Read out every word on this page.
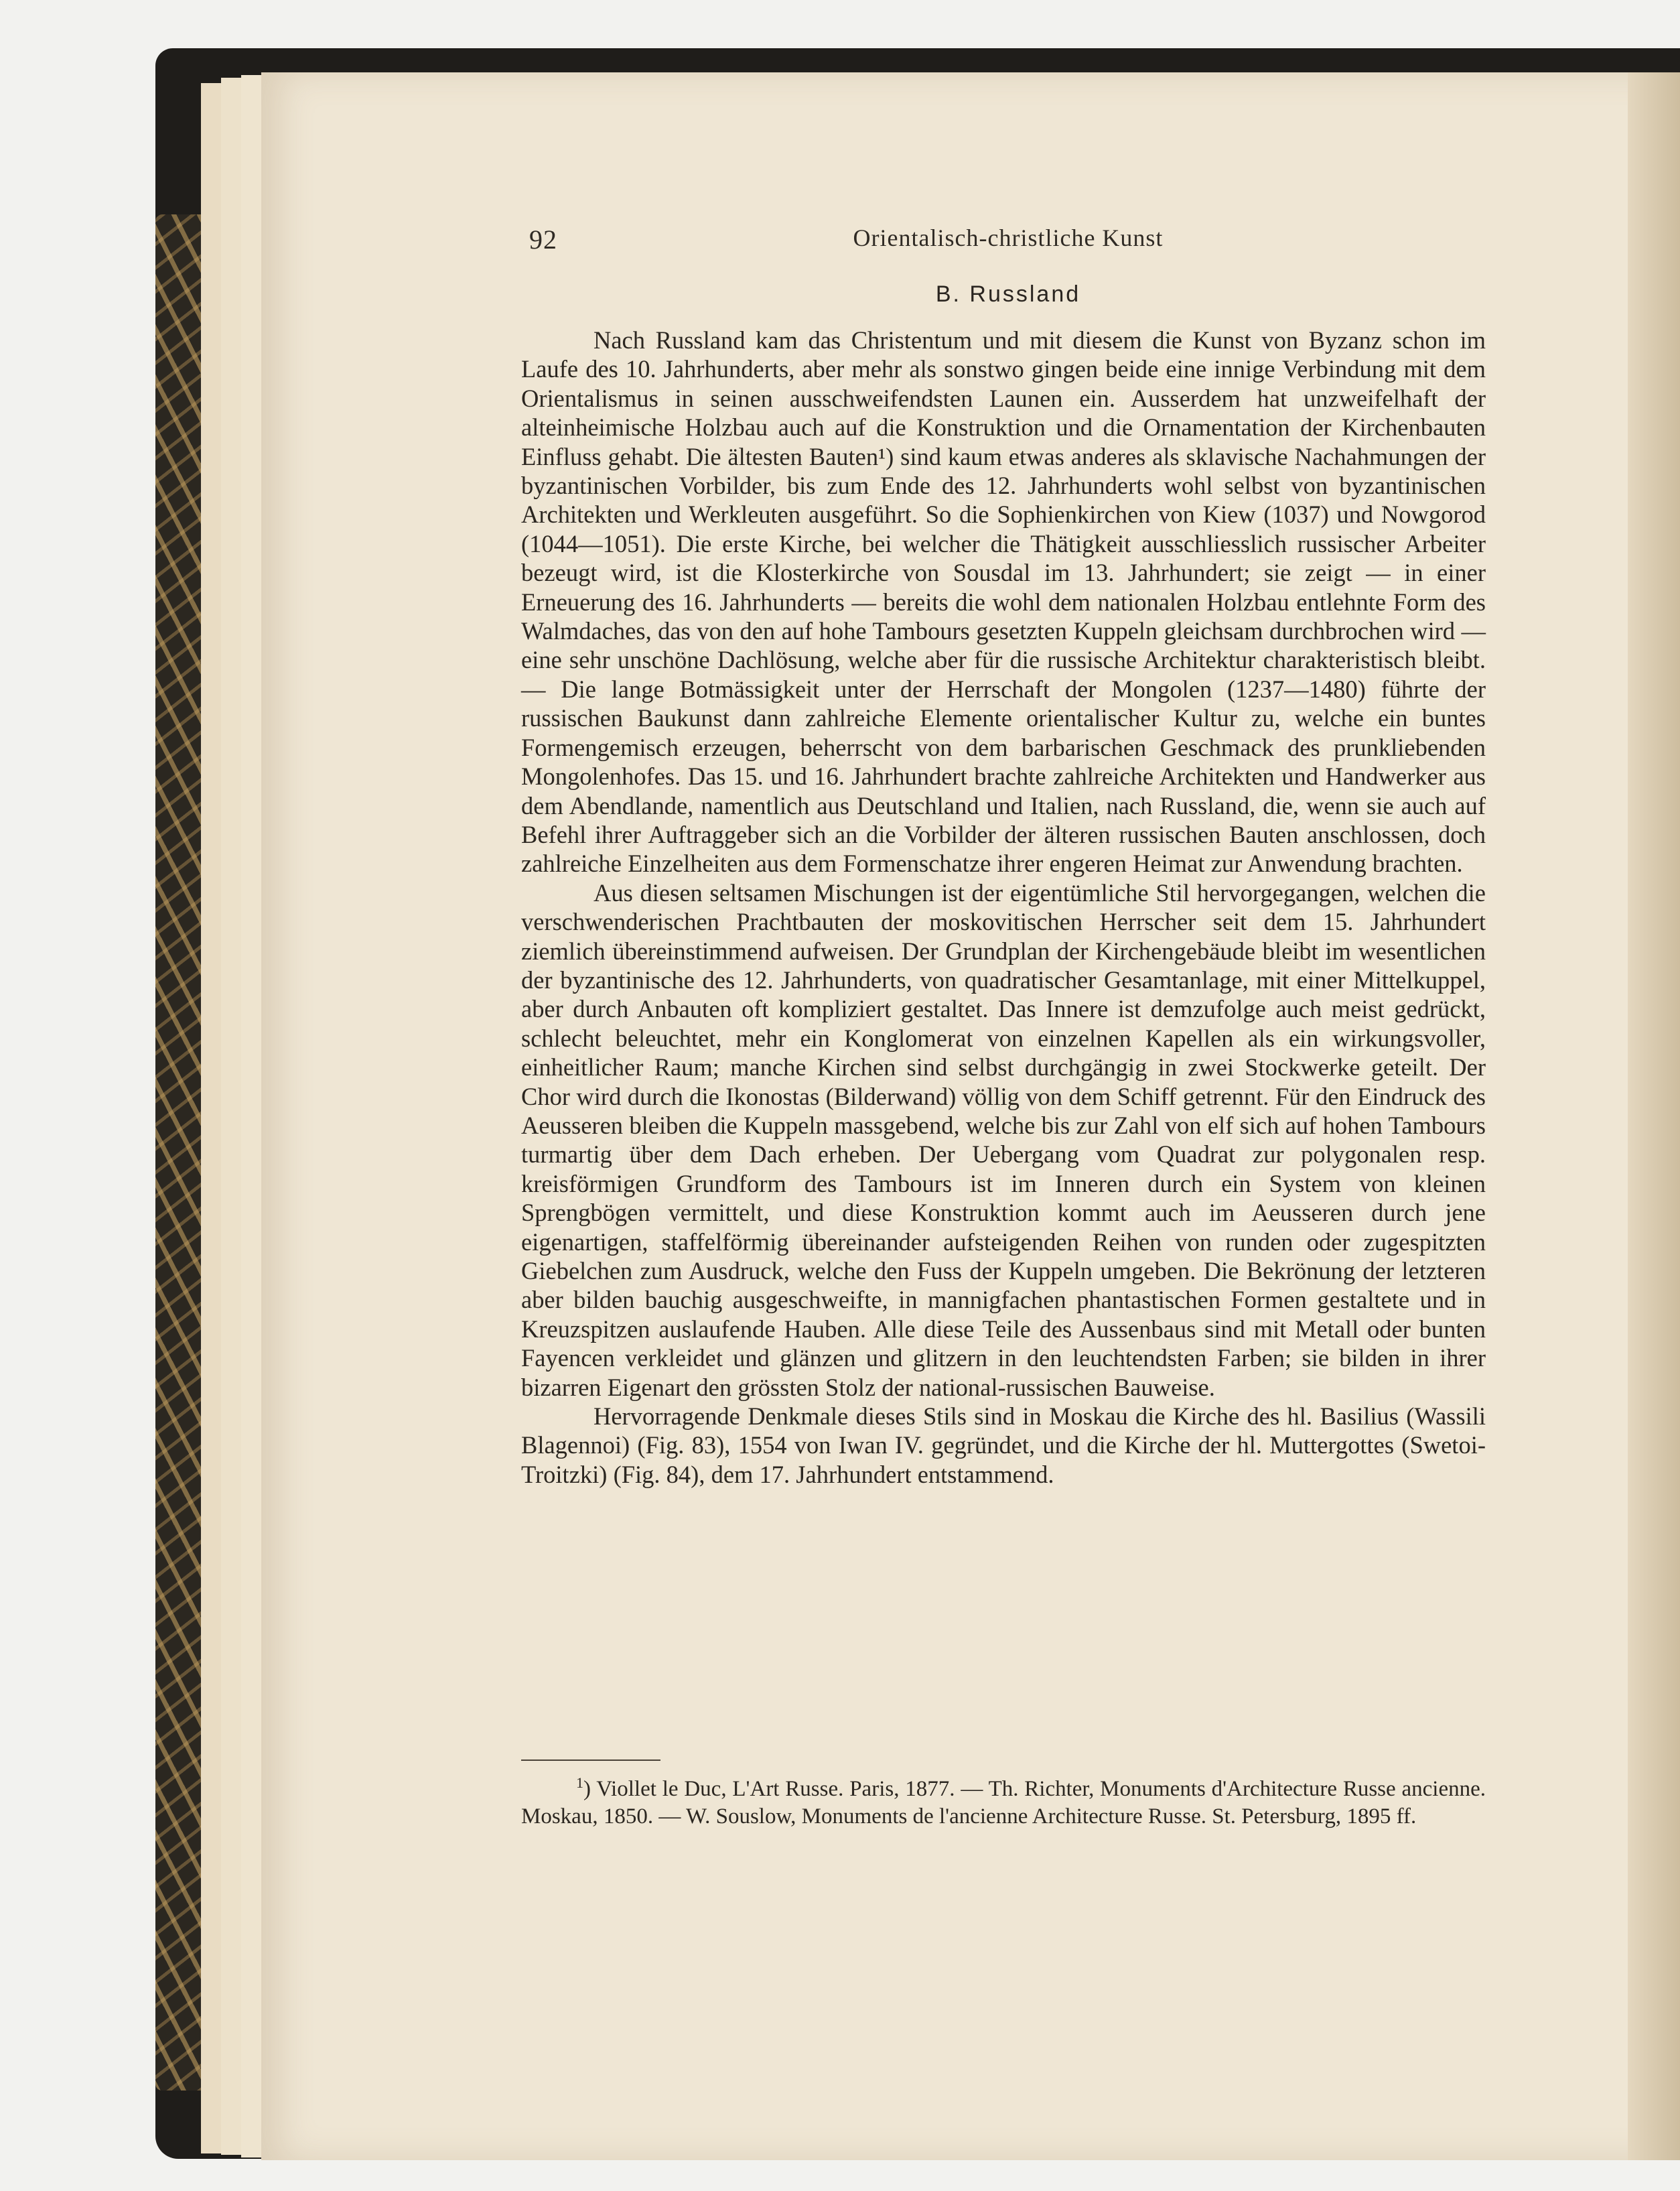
92	Orientalisch-christliche Kunst
B. Russland

Nach Russland kam das Christentum und mit diesem die Kunst von Byzanz schon im Laufe des 10. Jahrhunderts, aber mehr als sonstwo gingen beide eine innige Verbindung mit dem Orientalismus in seinen ausschweifendsten Launen ein. Ausserdem hat unzweifelhaft der alteinheimische Holzbau auch auf die Konstruktion und die Ornamentation der Kirchenbauten Einfluss gehabt. Die ältesten Bauten¹) sind kaum etwas anderes als sklavische Nachahmungen der byzantinischen Vorbilder, bis zum Ende des 12. Jahrhunderts wohl selbst von byzantinischen Architekten und Werkleuten ausgeführt. So die Sophienkirchen von Kiew (1037) und Nowgorod (1044—1051). Die erste Kirche, bei welcher die Thätigkeit ausschliesslich russischer Arbeiter bezeugt wird, ist die Klosterkirche von Sousdal im 13. Jahrhundert; sie zeigt — in einer Erneuerung des 16. Jahrhunderts — bereits die wohl dem nationalen Holzbau entlehnte Form des Walmdaches, das von den auf hohe Tambours gesetzten Kuppeln gleichsam durchbrochen wird — eine sehr unschöne Dachlösung, welche aber für die russische Architektur charakteristisch bleibt. — Die lange Botmässigkeit unter der Herrschaft der Mongolen (1237—1480) führte der russischen Baukunst dann zahlreiche Elemente orientalischer Kultur zu, welche ein buntes Formengemisch erzeugen, beherrscht von dem barbarischen Geschmack des prunkliebenden Mongolenhofes. Das 15. und 16. Jahrhundert brachte zahlreiche Architekten und Handwerker aus dem Abendlande, namentlich aus Deutschland und Italien, nach Russland, die, wenn sie auch auf Befehl ihrer Auftraggeber sich an die Vorbilder der älteren russischen Bauten anschlossen, doch zahlreiche Einzelheiten aus dem Formenschatze ihrer engeren Heimat zur Anwendung brachten.

Aus diesen seltsamen Mischungen ist der eigentümliche Stil hervorgegangen, welchen die verschwenderischen Prachtbauten der moskovitischen Herrscher seit dem 15. Jahrhundert ziemlich übereinstimmend aufweisen. Der Grundplan der Kirchengebäude bleibt im wesentlichen der byzantinische des 12. Jahrhunderts, von quadratischer Gesamtanlage, mit einer Mittelkuppel, aber durch Anbauten oft kompliziert gestaltet. Das Innere ist demzufolge auch meist gedrückt, schlecht beleuchtet, mehr ein Konglomerat von einzelnen Kapellen als ein wirkungsvoller, einheitlicher Raum; manche Kirchen sind selbst durchgängig in zwei Stockwerke geteilt. Der Chor wird durch die Ikonostas (Bilderwand) völlig von dem Schiff getrennt. Für den Eindruck des Aeusseren bleiben die Kuppeln massgebend, welche bis zur Zahl von elf sich auf hohen Tambours turmartig über dem Dach erheben. Der Uebergang vom Quadrat zur polygonalen resp. kreisförmigen Grundform des Tambours ist im Inneren durch ein System von kleinen Sprengbögen vermittelt, und diese Konstruktion kommt auch im Aeusseren durch jene eigenartigen, staffelförmig übereinander aufsteigenden Reihen von runden oder zugespitzten Giebelchen zum Ausdruck, welche den Fuss der Kuppeln umgeben. Die Bekrönung der letzteren aber bilden bauchig ausgeschweifte, in mannigfachen phantastischen Formen gestaltete und in Kreuzspitzen auslaufende Hauben. Alle diese Teile des Aussenbaus sind mit Metall oder bunten Fayencen verkleidet und glänzen und glitzern in den leuchtendsten Farben; sie bilden in ihrer bizarren Eigenart den grössten Stolz der national-russischen Bauweise.

Hervorragende Denkmale dieses Stils sind in Moskau die Kirche des hl. Basilius (Wassili Blagennoi) (Fig. 83), 1554 von Iwan IV. gegründet, und die Kirche der hl. Muttergottes (Swetoi-Troitzki) (Fig. 84), dem 17. Jahrhundert entstammend.

$^1$) Viollet le Duc, L'Art Russe. Paris, 1877. — Th. Richter, Monuments d'Architecture Russe ancienne. Moskau, 1850. — W. Souslow, Monuments de l'ancienne Architecture Russe. St. Petersburg, 1895 ff.
